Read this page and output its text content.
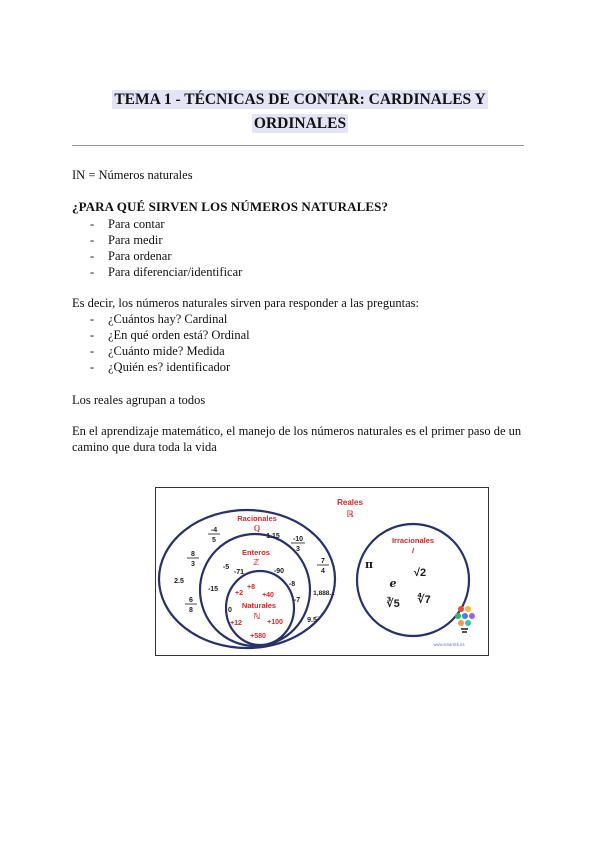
TEMA 1 - TÉCNICAS DE CONTAR: CARDINALES Y
ORDINALES

IN = Números naturales

¿PARA QUÉ SIRVEN LOS NÚMEROS NATURALES?

- Para contar
- Para medir
- Para ordenar
- Para diferenciar/identificar

Es decir, los números naturales sirven para responder a las preguntas:

- ¿Cuántos hay? Cardinal
- ¿En qué orden está? Ordinal
- ¿Cuánto mide? Medida
- ¿Quién es? identificador

Los reales agrupan a todos

En el aprendizaje matemático, el manejo de los números naturales es el primer paso de un

camino que dura toda la vida

Reales
ℝ
Racionales
ℚ
-4
5
1.15 -10
3
8
3	7
4
2.5
6
8
1,888...
9.5̅
Enteros
ℤ
-5
-71	-90
-8
-15
-7
+8
+2	+40
0
+12	+100
+580
Naturales
ℕ
Irracionales
I
π
e
√2
∛5 ∜7
www.smartick.es
